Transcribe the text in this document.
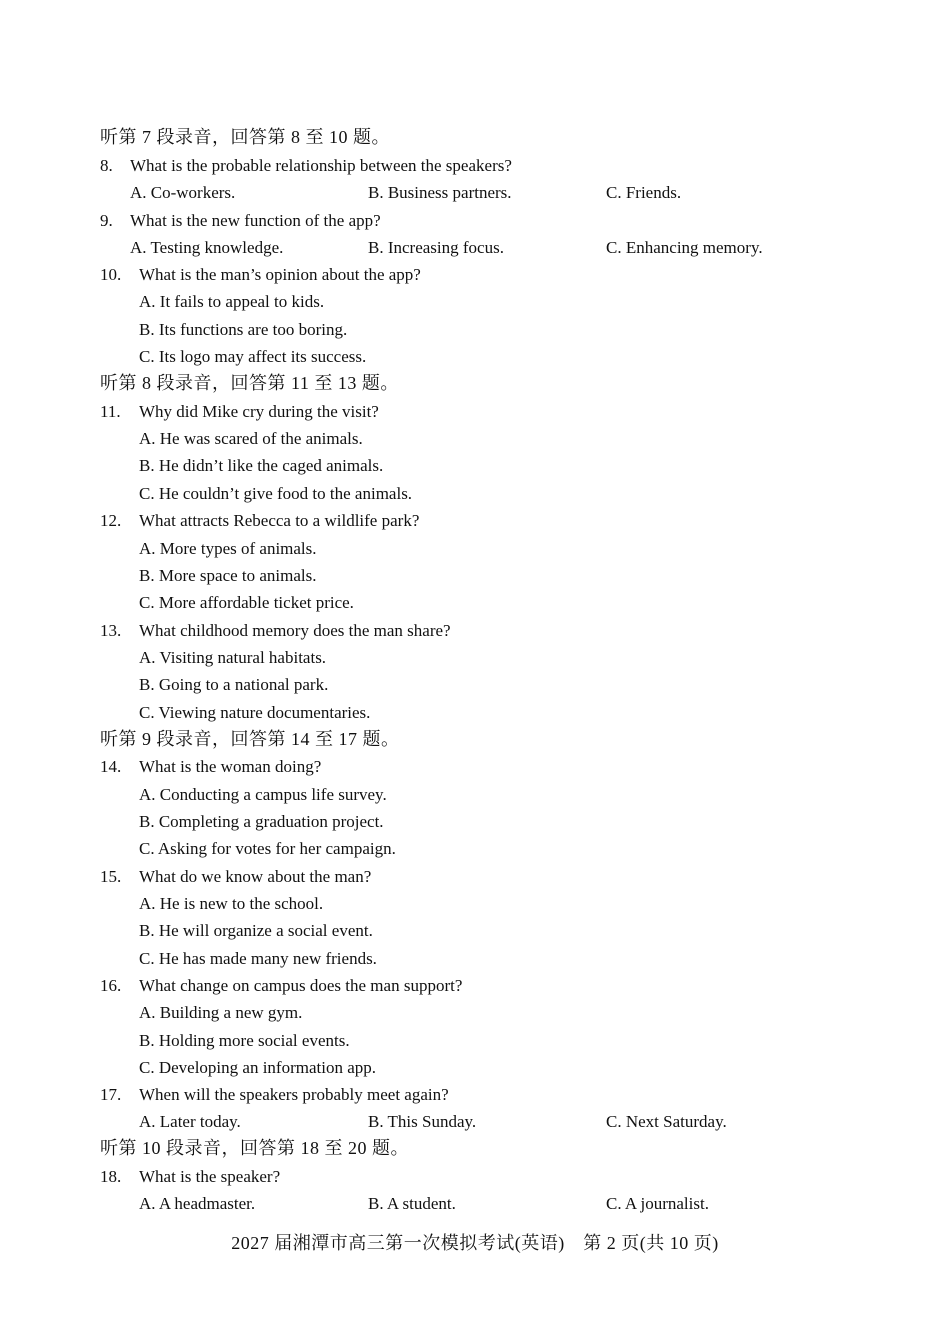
听第 7 段录音，回答第 8 至 10 题。
8. What is the probable relationship between the speakers?
A. Co-workers.	B. Business partners.	C. Friends.
9. What is the new function of the app?
A. Testing knowledge.	B. Increasing focus.	C. Enhancing memory.
10. What is the man’s opinion about the app?
A. It fails to appeal to kids.
B. Its functions are too boring.
C. Its logo may affect its success.
听第 8 段录音，回答第 11 至 13 题。
11. Why did Mike cry during the visit?
A. He was scared of the animals.
B. He didn’t like the caged animals.
C. He couldn’t give food to the animals.
12. What attracts Rebecca to a wildlife park?
A. More types of animals.
B. More space to animals.
C. More affordable ticket price.
13. What childhood memory does the man share?
A. Visiting natural habitats.
B. Going to a national park.
C. Viewing nature documentaries.
听第 9 段录音，回答第 14 至 17 题。
14. What is the woman doing?
A. Conducting a campus life survey.
B. Completing a graduation project.
C. Asking for votes for her campaign.
15. What do we know about the man?
A. He is new to the school.
B. He will organize a social event.
C. He has made many new friends.
16. What change on campus does the man support?
A. Building a new gym.
B. Holding more social events.
C. Developing an information app.
17. When will the speakers probably meet again?
A. Later today.	B. This Sunday.	C. Next Saturday.
听第 10 段录音，回答第 18 至 20 题。
18. What is the speaker?
A. A headmaster.	B. A student.	C. A journalist.
2027 届湘潭市高三第一次模拟考试(英语)　第 2 页(共 10 页)
